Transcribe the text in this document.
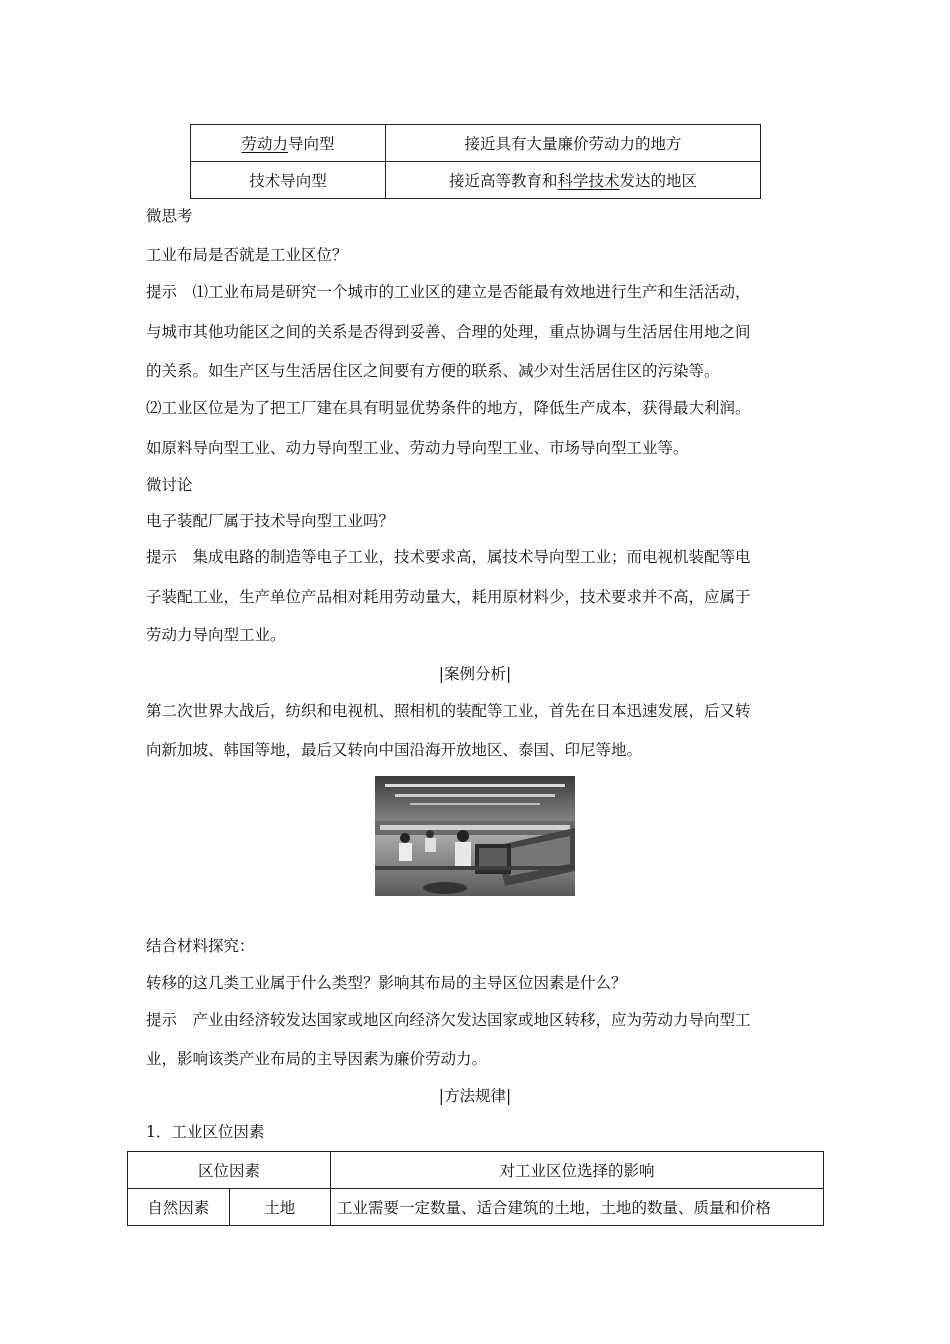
劳动力导向型	接近具有大量廉价劳动力的地方
技术导向型	接近高等教育和科学技术发达的地区
微思考
工业布局是否就是工业区位？
提示　⑴工业布局是研究一个城市的工业区的建立是否能最有效地进行生产和生活活动，
与城市其他功能区之间的关系是否得到妥善、合理的处理，重点协调与生活居住用地之间
的关系。如生产区与生活居住区之间要有方便的联系、减少对生活居住区的污染等。
⑵工业区位是为了把工厂建在具有明显优势条件的地方，降低生产成本，获得最大利润。
如原料导向型工业、动力导向型工业、劳动力导向型工业、市场导向型工业等。
微讨论
电子装配厂属于技术导向型工业吗？
提示　集成电路的制造等电子工业，技术要求高，属技术导向型工业；而电视机装配等电
子装配工业，生产单位产品相对耗用劳动量大，耗用原材料少，技术要求并不高，应属于
劳动力导向型工业。
|案例分析|
第二次世界大战后，纺织和电视机、照相机的装配等工业，首先在日本迅速发展，后又转
向新加坡、韩国等地，最后又转向中国沿海开放地区、泰国、印尼等地。
结合材料探究：
转移的这几类工业属于什么类型？影响其布局的主导区位因素是什么？
提示　产业由经济较发达国家或地区向经济欠发达国家或地区转移，应为劳动力导向型工
业，影响该类产业布局的主导因素为廉价劳动力。
|方法规律|
1．工业区位因素
区位因素		对工业区位选择的影响
自然因素	土地	工业需要一定数量、适合建筑的土地，土地的数量、质量和价格
